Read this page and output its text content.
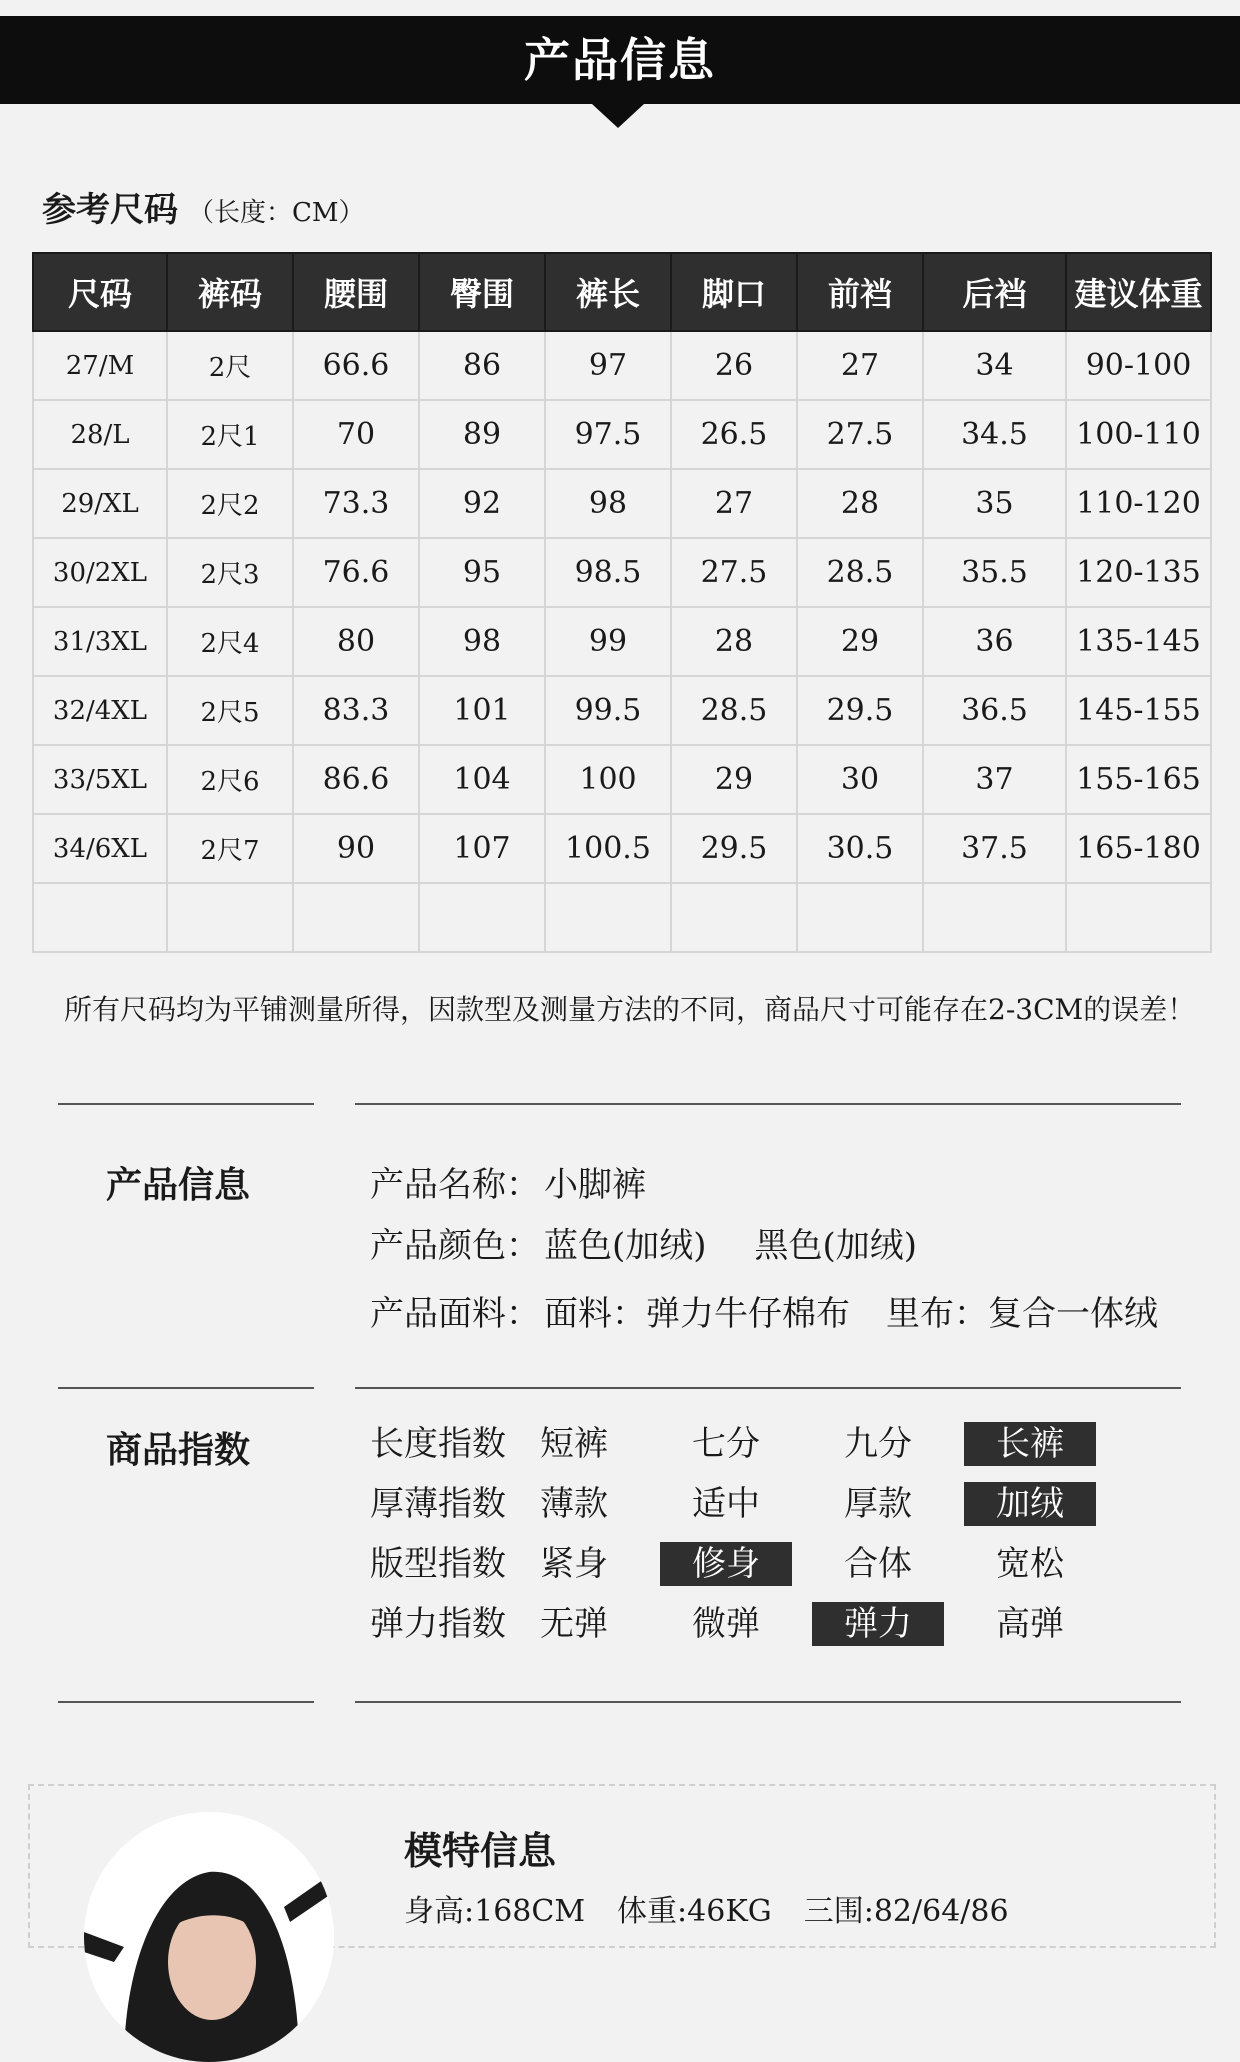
产品信息
参考尺码 （长度：CM）
尺码	裤码	腰围	臀围	裤长	脚口	前裆	后裆	建议体重
27/M	2尺	66.6	86	97	26	27	34	90-100
28/L	2尺1	70	89	97.5	26.5	27.5	34.5	100-110
29/XL	2尺2	73.3	92	98	27	28	35	110-120
30/2XL	2尺3	76.6	95	98.5	27.5	28.5	35.5	120-135
31/3XL	2尺4	80	98	99	28	29	36	135-145
32/4XL	2尺5	83.3	101	99.5	28.5	29.5	36.5	145-155
33/5XL	2尺6	86.6	104	100	29	30	37	155-165
34/6XL	2尺7	90	107	100.5	29.5	30.5	37.5	165-180

所有尺码均为平铺测量所得，因款型及测量方法的不同，商品尺寸可能存在2-3CM的误差！
产品信息	产品名称： 小脚裤
产品颜色： 蓝色(加绒) 黑色(加绒)
产品面料： 面料：弹力牛仔棉布 里布：复合一体绒
商品指数	长度指数	短裤	七分	九分	长裤
厚薄指数	薄款	适中	厚款	加绒
版型指数	紧身	修身	合体	宽松
弹力指数	无弹	微弹	弹力	高弹
模特信息
身高:168CM 体重:46KG 三围:82/64/86
